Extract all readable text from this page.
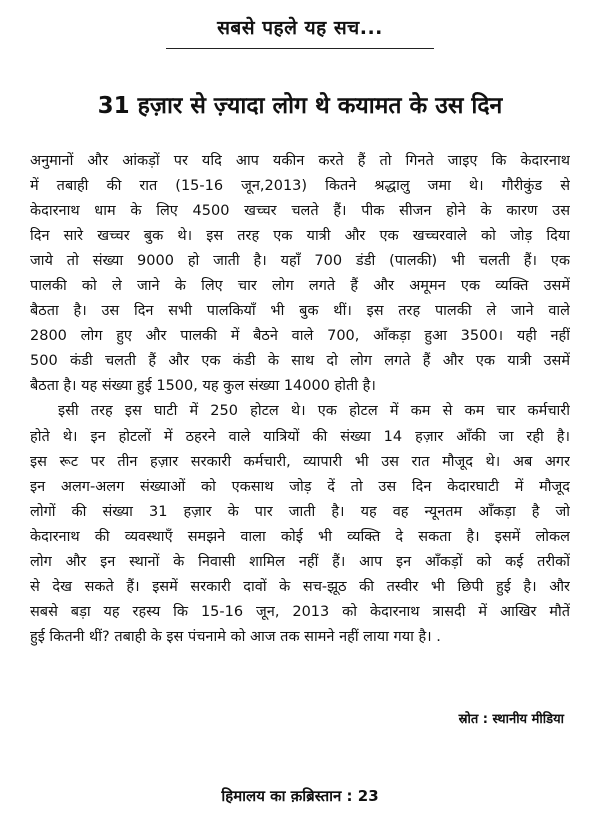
सबसे पहले यह सच...
31 हज़ार से ज़्यादा लोग थे कयामत के उस दिन
अनुमानों और आंकड़ों पर यदि आप यकीन करते हैं तो गिनते जाइए कि केदारनाथ
में तबाही की रात (15-16 जून,2013) कितने श्रद्धालु जमा थे। गौरीकुंड से
केदारनाथ धाम के लिए 4500 खच्चर चलते हैं। पीक सीजन होने के कारण उस
दिन सारे खच्चर बुक थे। इस तरह एक यात्री और एक खच्चरवाले को जोड़ दिया
जाये तो संख्या 9000 हो जाती है। यहाँ 700 डंडी (पालकी) भी चलती हैं। एक
पालकी को ले जाने के लिए चार लोग लगते हैं और अमूमन एक व्यक्ति उसमें
बैठता है। उस दिन सभी पालकियाँ भी बुक थीं। इस तरह पालकी ले जाने वाले
2800 लोग हुए और पालकी में बैठने वाले 700, आँकड़ा हुआ 3500। यही नहीं
500 कंडी चलती हैं और एक कंडी के साथ दो लोग लगते हैं और एक यात्री उसमें
बैठता है। यह संख्या हुई 1500, यह कुल संख्या 14000 होती है।
इसी तरह इस घाटी में 250 होटल थे। एक होटल में कम से कम चार कर्मचारी
होते थे। इन होटलों में ठहरने वाले यात्रियों की संख्या 14 हज़ार आँकी जा रही है।
इस रूट पर तीन हज़ार सरकारी कर्मचारी, व्यापारी भी उस रात मौजूद थे। अब अगर
इन अलग-अलग संख्याओं को एकसाथ जोड़ दें तो उस दिन केदारघाटी में मौजूद
लोगों की संख्या 31 हज़ार के पार जाती है। यह वह न्यूनतम आँकड़ा है जो
केदारनाथ की व्यवस्थाएँ समझने वाला कोई भी व्यक्ति दे सकता है। इसमें लोकल
लोग और इन स्थानों के निवासी शामिल नहीं हैं। आप इन आँकड़ों को कई तरीकों
से देख सकते हैं। इसमें सरकारी दावों के सच-झूठ की तस्वीर भी छिपी हुई है। और
सबसे बड़ा यह रहस्य कि 15-16 जून, 2013 को केदारनाथ त्रासदी में आखिर मौतें
हुई कितनी थीं? तबाही के इस पंचनामे को आज तक सामने नहीं लाया गया है। .
स्रोत : स्थानीय मीडिया
हिमालय का क़ब्रिस्तान : 23
